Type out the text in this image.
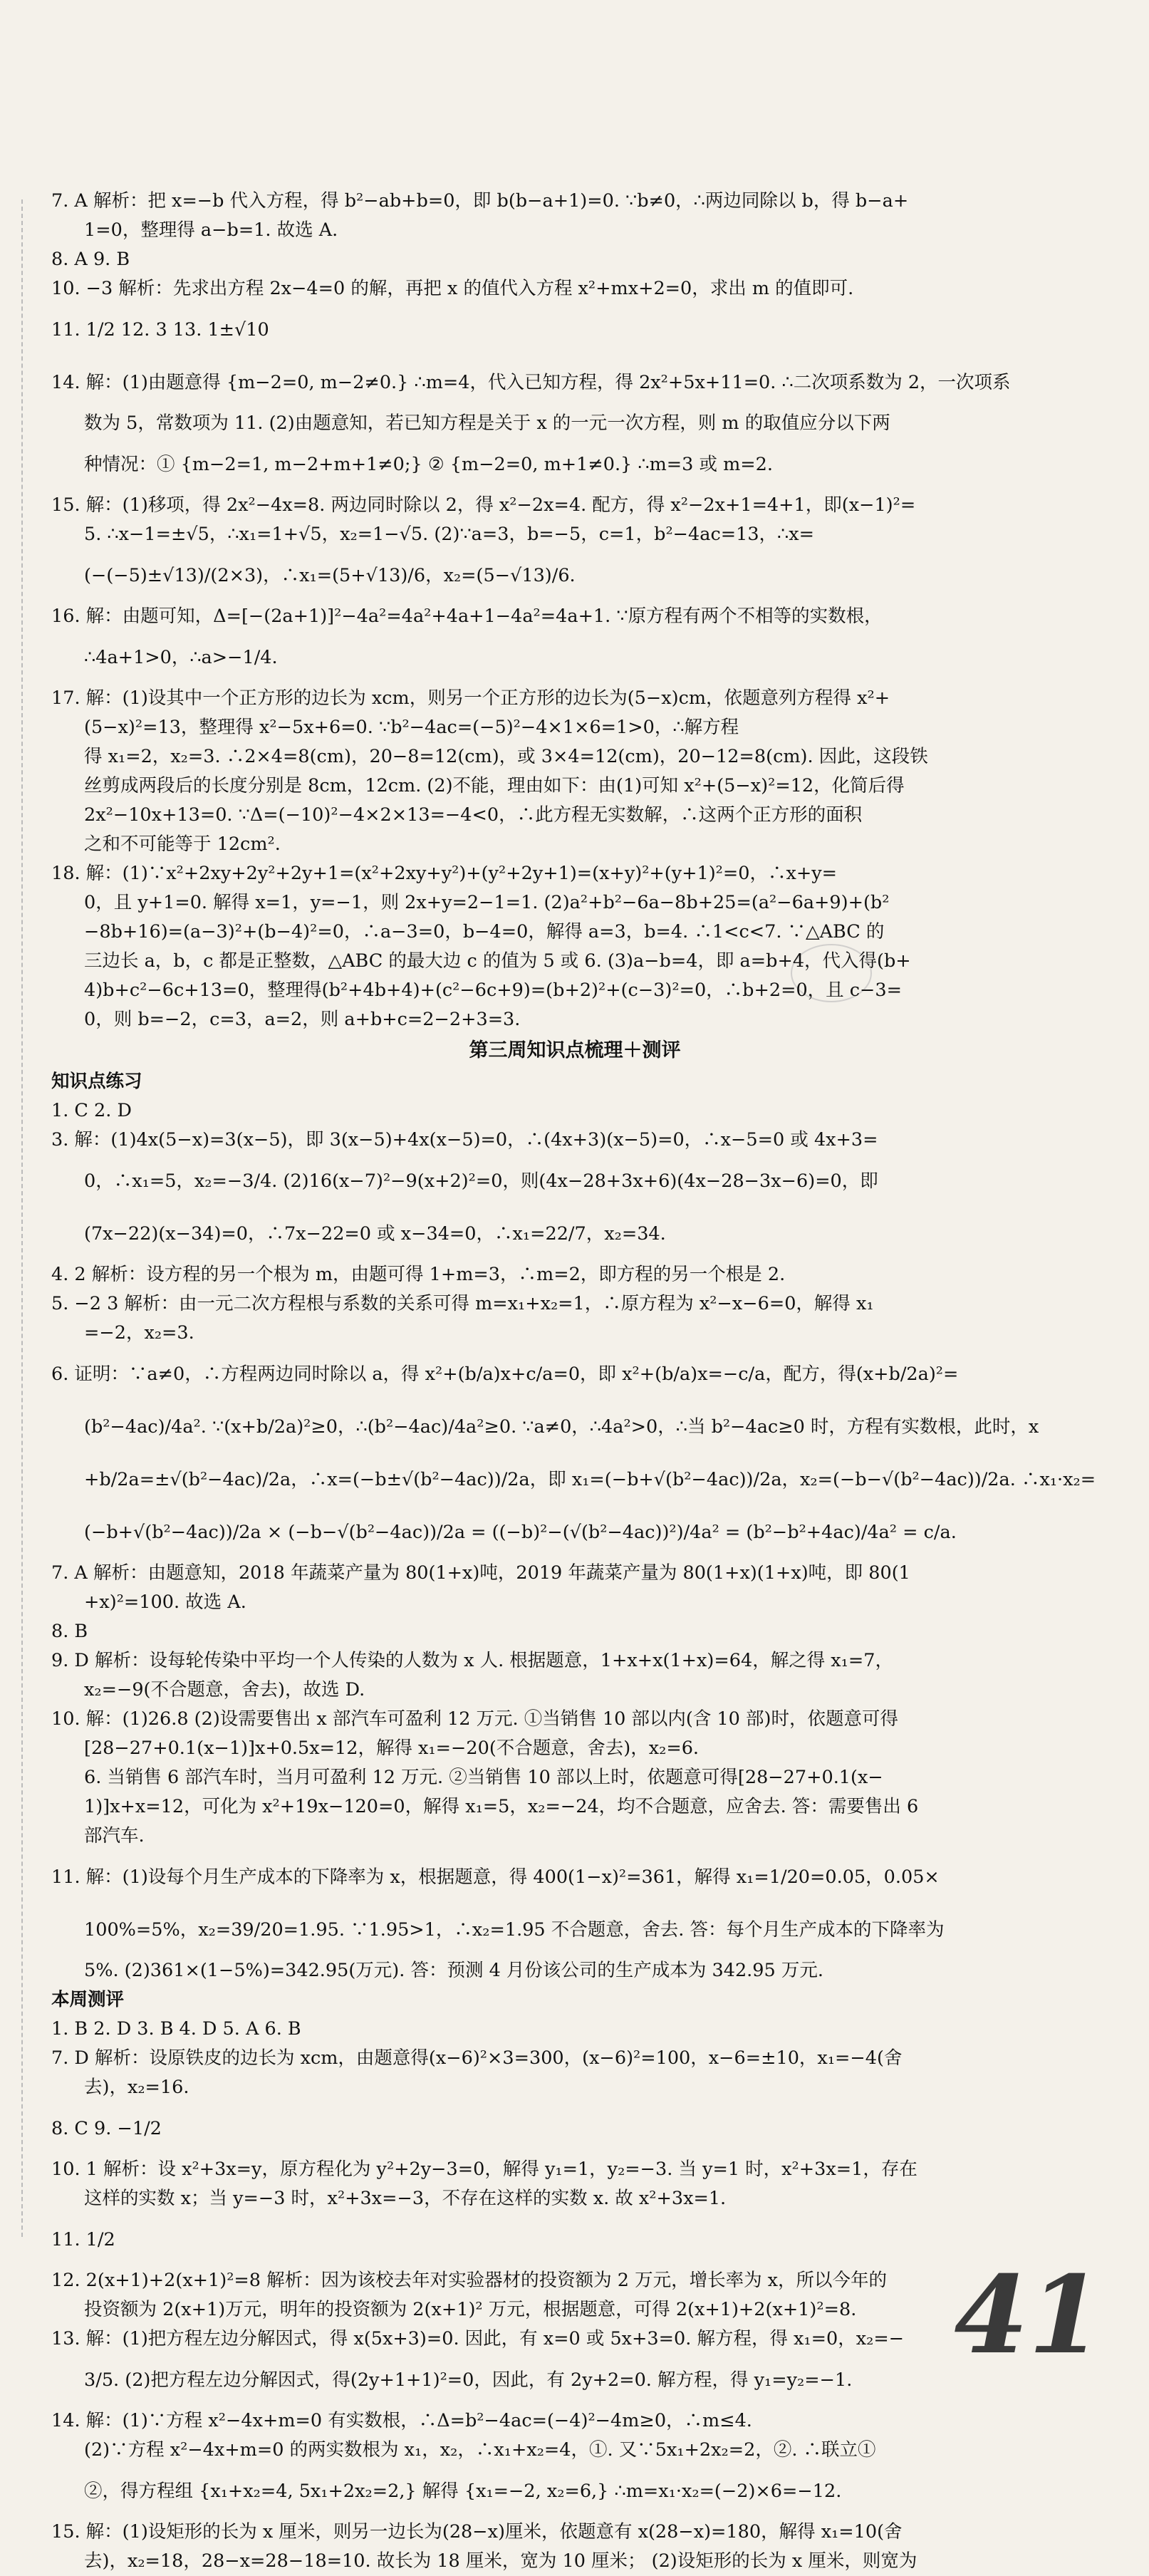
7. A 解析：把 x=−b 代入方程，得 b²−ab+b=0，即 b(b−a+1)=0. ∵b≠0，∴两边同除以 b，得 b−a+
1=0，整理得 a−b=1. 故选 A.
8. A 9. B
10. −3 解析：先求出方程 2x−4=0 的解，再把 x 的值代入方程 x²+mx+2=0，求出 m 的值即可.
11. 1/2 12. 3 13. 1±√10
14. 解：(1)由题意得 {m−2=0, m−2≠0.} ∴m=4，代入已知方程，得 2x²+5x+11=0. ∴二次项系数为 2，一次项系
数为 5，常数项为 11. (2)由题意知，若已知方程是关于 x 的一元一次方程，则 m 的取值应分以下两
种情况：① {m−2=1, m−2+m+1≠0;} ② {m−2=0, m+1≠0.} ∴m=3 或 m=2.
15. 解：(1)移项，得 2x²−4x=8. 两边同时除以 2，得 x²−2x=4. 配方，得 x²−2x+1=4+1，即(x−1)²=
5. ∴x−1=±√5，∴x₁=1+√5，x₂=1−√5. (2)∵a=3，b=−5，c=1，b²−4ac=13，∴x=
(−(−5)±√13)/(2×3)，∴x₁=(5+√13)/6，x₂=(5−√13)/6.
16. 解：由题可知，Δ=[−(2a+1)]²−4a²=4a²+4a+1−4a²=4a+1. ∵原方程有两个不相等的实数根，
∴4a+1>0，∴a>−1/4.
17. 解：(1)设其中一个正方形的边长为 xcm，则另一个正方形的边长为(5−x)cm，依题意列方程得 x²+
(5−x)²=13，整理得 x²−5x+6=0. ∵b²−4ac=(−5)²−4×1×6=1>0，∴解方程
得 x₁=2，x₂=3. ∴2×4=8(cm)，20−8=12(cm)，或 3×4=12(cm)，20−12=8(cm). 因此，这段铁
丝剪成两段后的长度分别是 8cm，12cm. (2)不能，理由如下：由(1)可知 x²+(5−x)²=12，化简后得
2x²−10x+13=0. ∵Δ=(−10)²−4×2×13=−4<0，∴此方程无实数解，∴这两个正方形的面积
之和不可能等于 12cm².
18. 解：(1)∵x²+2xy+2y²+2y+1=(x²+2xy+y²)+(y²+2y+1)=(x+y)²+(y+1)²=0，∴x+y=
0，且 y+1=0. 解得 x=1，y=−1，则 2x+y=2−1=1. (2)a²+b²−6a−8b+25=(a²−6a+9)+(b²
−8b+16)=(a−3)²+(b−4)²=0，∴a−3=0，b−4=0，解得 a=3，b=4. ∴1<c<7. ∵△ABC 的
三边长 a，b，c 都是正整数，△ABC 的最大边 c 的值为 5 或 6. (3)a−b=4，即 a=b+4，代入得(b+
4)b+c²−6c+13=0，整理得(b²+4b+4)+(c²−6c+9)=(b+2)²+(c−3)²=0，∴b+2=0，且 c−3=
0，则 b=−2，c=3，a=2，则 a+b+c=2−2+3=3.
第三周知识点梳理＋测评
知识点练习
1. C 2. D
3. 解：(1)4x(5−x)=3(x−5)，即 3(x−5)+4x(x−5)=0，∴(4x+3)(x−5)=0，∴x−5=0 或 4x+3=
0，∴x₁=5，x₂=−3/4. (2)16(x−7)²−9(x+2)²=0，则(4x−28+3x+6)(4x−28−3x−6)=0，即
(7x−22)(x−34)=0，∴7x−22=0 或 x−34=0，∴x₁=22/7，x₂=34.
4. 2 解析：设方程的另一个根为 m，由题可得 1+m=3，∴m=2，即方程的另一个根是 2.
5. −2 3 解析：由一元二次方程根与系数的关系可得 m=x₁+x₂=1，∴原方程为 x²−x−6=0，解得 x₁
=−2，x₂=3.
6. 证明：∵a≠0，∴方程两边同时除以 a，得 x²+(b/a)x+c/a=0，即 x²+(b/a)x=−c/a，配方，得(x+b/2a)²=
(b²−4ac)/4a². ∵(x+b/2a)²≥0，∴(b²−4ac)/4a²≥0. ∵a≠0，∴4a²>0，∴当 b²−4ac≥0 时，方程有实数根，此时，x
+b/2a=±√(b²−4ac)/2a，∴x=(−b±√(b²−4ac))/2a，即 x₁=(−b+√(b²−4ac))/2a，x₂=(−b−√(b²−4ac))/2a. ∴x₁·x₂=
(−b+√(b²−4ac))/2a × (−b−√(b²−4ac))/2a = ((−b)²−(√(b²−4ac))²)/4a² = (b²−b²+4ac)/4a² = c/a.
7. A 解析：由题意知，2018 年蔬菜产量为 80(1+x)吨，2019 年蔬菜产量为 80(1+x)(1+x)吨，即 80(1
+x)²=100. 故选 A.
8. B
9. D 解析：设每轮传染中平均一个人传染的人数为 x 人. 根据题意，1+x+x(1+x)=64，解之得 x₁=7，
x₂=−9(不合题意，舍去)，故选 D.
10. 解：(1)26.8 (2)设需要售出 x 部汽车可盈利 12 万元. ①当销售 10 部以内(含 10 部)时，依题意可得
[28−27+0.1(x−1)]x+0.5x=12，解得 x₁=−20(不合题意，舍去)，x₂=6.
6. 当销售 6 部汽车时，当月可盈利 12 万元. ②当销售 10 部以上时，依题意可得[28−27+0.1(x−
1)]x+x=12，可化为 x²+19x−120=0，解得 x₁=5，x₂=−24，均不合题意，应舍去. 答：需要售出 6
部汽车.
11. 解：(1)设每个月生产成本的下降率为 x，根据题意，得 400(1−x)²=361，解得 x₁=1/20=0.05，0.05×
100%=5%，x₂=39/20=1.95. ∵1.95>1，∴x₂=1.95 不合题意，舍去. 答：每个月生产成本的下降率为
5%. (2)361×(1−5%)=342.95(万元). 答：预测 4 月份该公司的生产成本为 342.95 万元.
本周测评
1. B 2. D 3. B 4. D 5. A 6. B
7. D 解析：设原铁皮的边长为 xcm，由题意得(x−6)²×3=300，(x−6)²=100，x−6=±10，x₁=−4(舍
去)，x₂=16.
8. C 9. −1/2
10. 1 解析：设 x²+3x=y，原方程化为 y²+2y−3=0，解得 y₁=1，y₂=−3. 当 y=1 时，x²+3x=1，存在
这样的实数 x；当 y=−3 时，x²+3x=−3，不存在这样的实数 x. 故 x²+3x=1.
11. 1/2
12. 2(x+1)+2(x+1)²=8 解析：因为该校去年对实验器材的投资额为 2 万元，增长率为 x，所以今年的
投资额为 2(x+1)万元，明年的投资额为 2(x+1)² 万元，根据题意，可得 2(x+1)+2(x+1)²=8.
13. 解：(1)把方程左边分解因式，得 x(5x+3)=0. 因此，有 x=0 或 5x+3=0. 解方程，得 x₁=0，x₂=−
3/5. (2)把方程左边分解因式，得(2y+1+1)²=0，因此，有 2y+2=0. 解方程，得 y₁=y₂=−1.
14. 解：(1)∵方程 x²−4x+m=0 有实数根，∴Δ=b²−4ac=(−4)²−4m≥0，∴m≤4.
(2)∵方程 x²−4x+m=0 的两实数根为 x₁，x₂，∴x₁+x₂=4，①. 又∵5x₁+2x₂=2，②. ∴联立①
②，得方程组 {x₁+x₂=4, 5x₁+2x₂=2,} 解得 {x₁=−2, x₂=6,} ∴m=x₁·x₂=(−2)×6=−12.
15. 解：(1)设矩形的长为 x 厘米，则另一边长为(28−x)厘米，依题意有 x(28−x)=180，解得 x₁=10(舍
去)，x₂=18，28−x=28−18=10. 故长为 18 厘米，宽为 10 厘米； (2)设矩形的长为 x 厘米，则宽为
41
